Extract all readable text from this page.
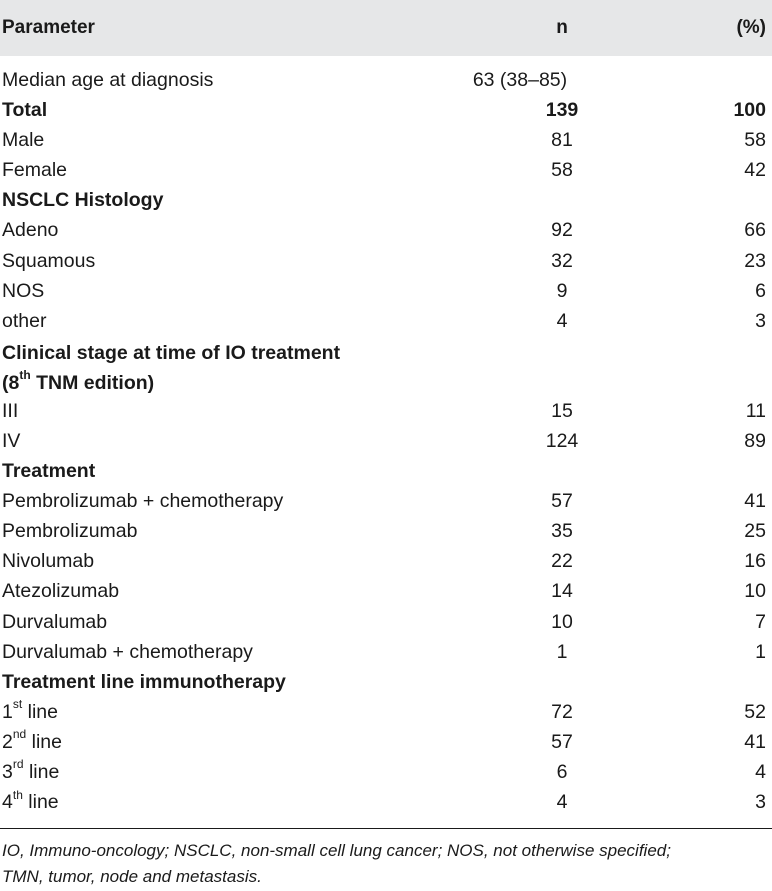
Parameter	n	(%)
Median age at diagnosis	63 (38–85)
Total	139	100
Male	81	58
Female	58	42
NSCLC Histology
Adeno	92	66
Squamous	32	23
NOS	9	6
other	4	3
Clinical stage at time of IO treatment
(8th TNM edition)
III	15	11
IV	124	89
Treatment
Pembrolizumab + chemotherapy	57	41
Pembrolizumab	35	25
Nivolumab	22	16
Atezolizumab	14	10
Durvalumab	10	7
Durvalumab + chemotherapy	1	1
Treatment line immunotherapy
1st line	72	52
2nd line	57	41
3rd line	6	4
4th line	4	3
IO, Immuno-oncology; NSCLC, non-small cell lung cancer; NOS, not otherwise specified;
TMN, tumor, node and metastasis.
